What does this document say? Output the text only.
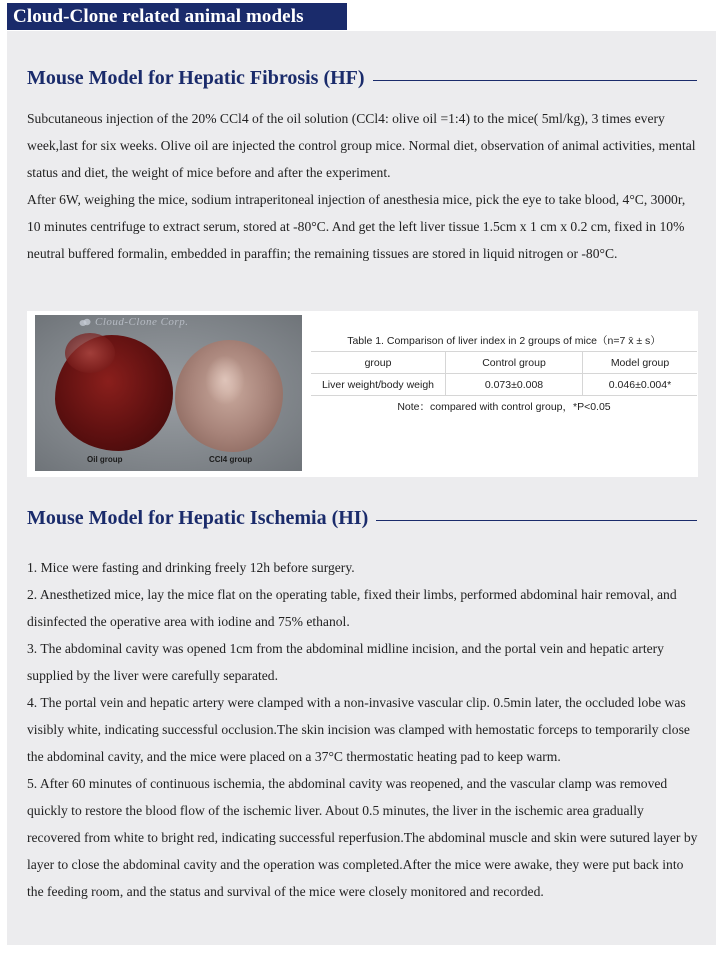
Cloud-Clone related animal models
Mouse Model for Hepatic Fibrosis (HF)

Subcutaneous injection of the 20% CCl4 of the oil solution (CCl4: olive oil =1:4) to the mice( 5ml/kg), 3 times every week,last for six weeks. Olive oil are injected the control group mice. Normal diet, observation of animal activities, mental status and diet, the weight of mice before and after the experiment.

After 6W, weighing the mice, sodium intraperitoneal injection of anesthesia mice, pick the eye to take blood, 4°C, 3000r, 10 minutes centrifuge to extract serum, stored at -80°C. And get the left liver tissue 1.5cm x 1 cm x 0.2 cm, fixed in 10% neutral buffered formalin, embedded in paraffin; the remaining tissues are stored in liquid nitrogen or -80°C.

Cloud-Clone Corp.
Oil group	CCl4 group
Table 1. Comparison of liver index in 2 groups of mice（n=7 x̄ ± s）
group	Control group	Model group
Liver weight/body weigh	0.073±0.008	0.046±0.004*
Note：compared with control group，*P<0.05
Mouse Model for Hepatic Ischemia (HI)

1. Mice were fasting and drinking freely 12h before surgery.

2. Anesthetized mice, lay the mice flat on the operating table, fixed their limbs, performed abdominal hair removal, and disinfected the operative area with iodine and 75% ethanol.

3. The abdominal cavity was opened 1cm from the abdominal midline incision, and the portal vein and hepatic artery supplied by the liver were carefully separated.

4. The portal vein and hepatic artery were clamped with a non-invasive vascular clip. 0.5min later, the occluded lobe was visibly white, indicating successful occlusion.The skin incision was clamped with hemostatic forceps to temporarily close the abdominal cavity, and the mice were placed on a 37°C thermostatic heating pad to keep warm.

5. After 60 minutes of continuous ischemia, the abdominal cavity was reopened, and the vascular clamp was removed quickly to restore the blood flow of the ischemic liver. About 0.5 minutes, the liver in the ischemic area gradually recovered from white to bright red, indicating successful reperfusion.The abdominal muscle and skin were sutured layer by layer to close the abdominal cavity and the operation was completed.After the mice were awake, they were put back into the feeding room, and the status and survival of the mice were closely monitored and recorded.
